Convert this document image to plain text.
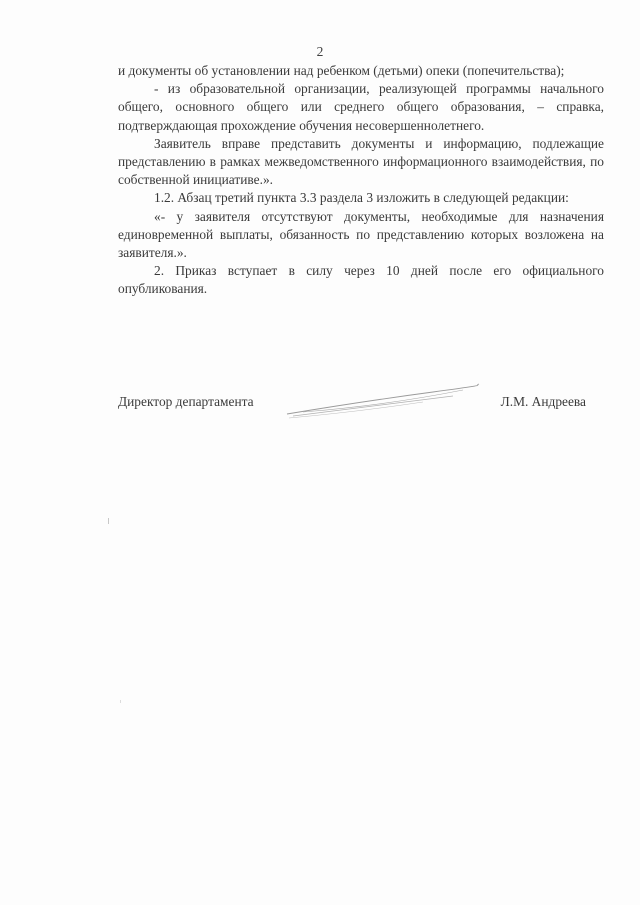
2

и документы об установлении над ребенком (детьми) опеки (попечительства);

- из образовательной организации, реализующей программы начального общего, основного общего или среднего общего образования, – справка, подтверждающая прохождение обучения несовершеннолетнего.

Заявитель вправе представить документы и информацию, подлежащие представлению в рамках межведомственного информационного взаимодействия, по собственной инициативе.».

1.2. Абзац третий пункта 3.3 раздела 3 изложить в следующей редакции:

«- у заявителя отсутствуют документы, необходимые для назначения единовременной выплаты, обязанность по представлению которых возложена на заявителя.».

2. Приказ вступает в силу через 10 дней после его официального опубликования.

Директор департамента	Л.М. Андреева
